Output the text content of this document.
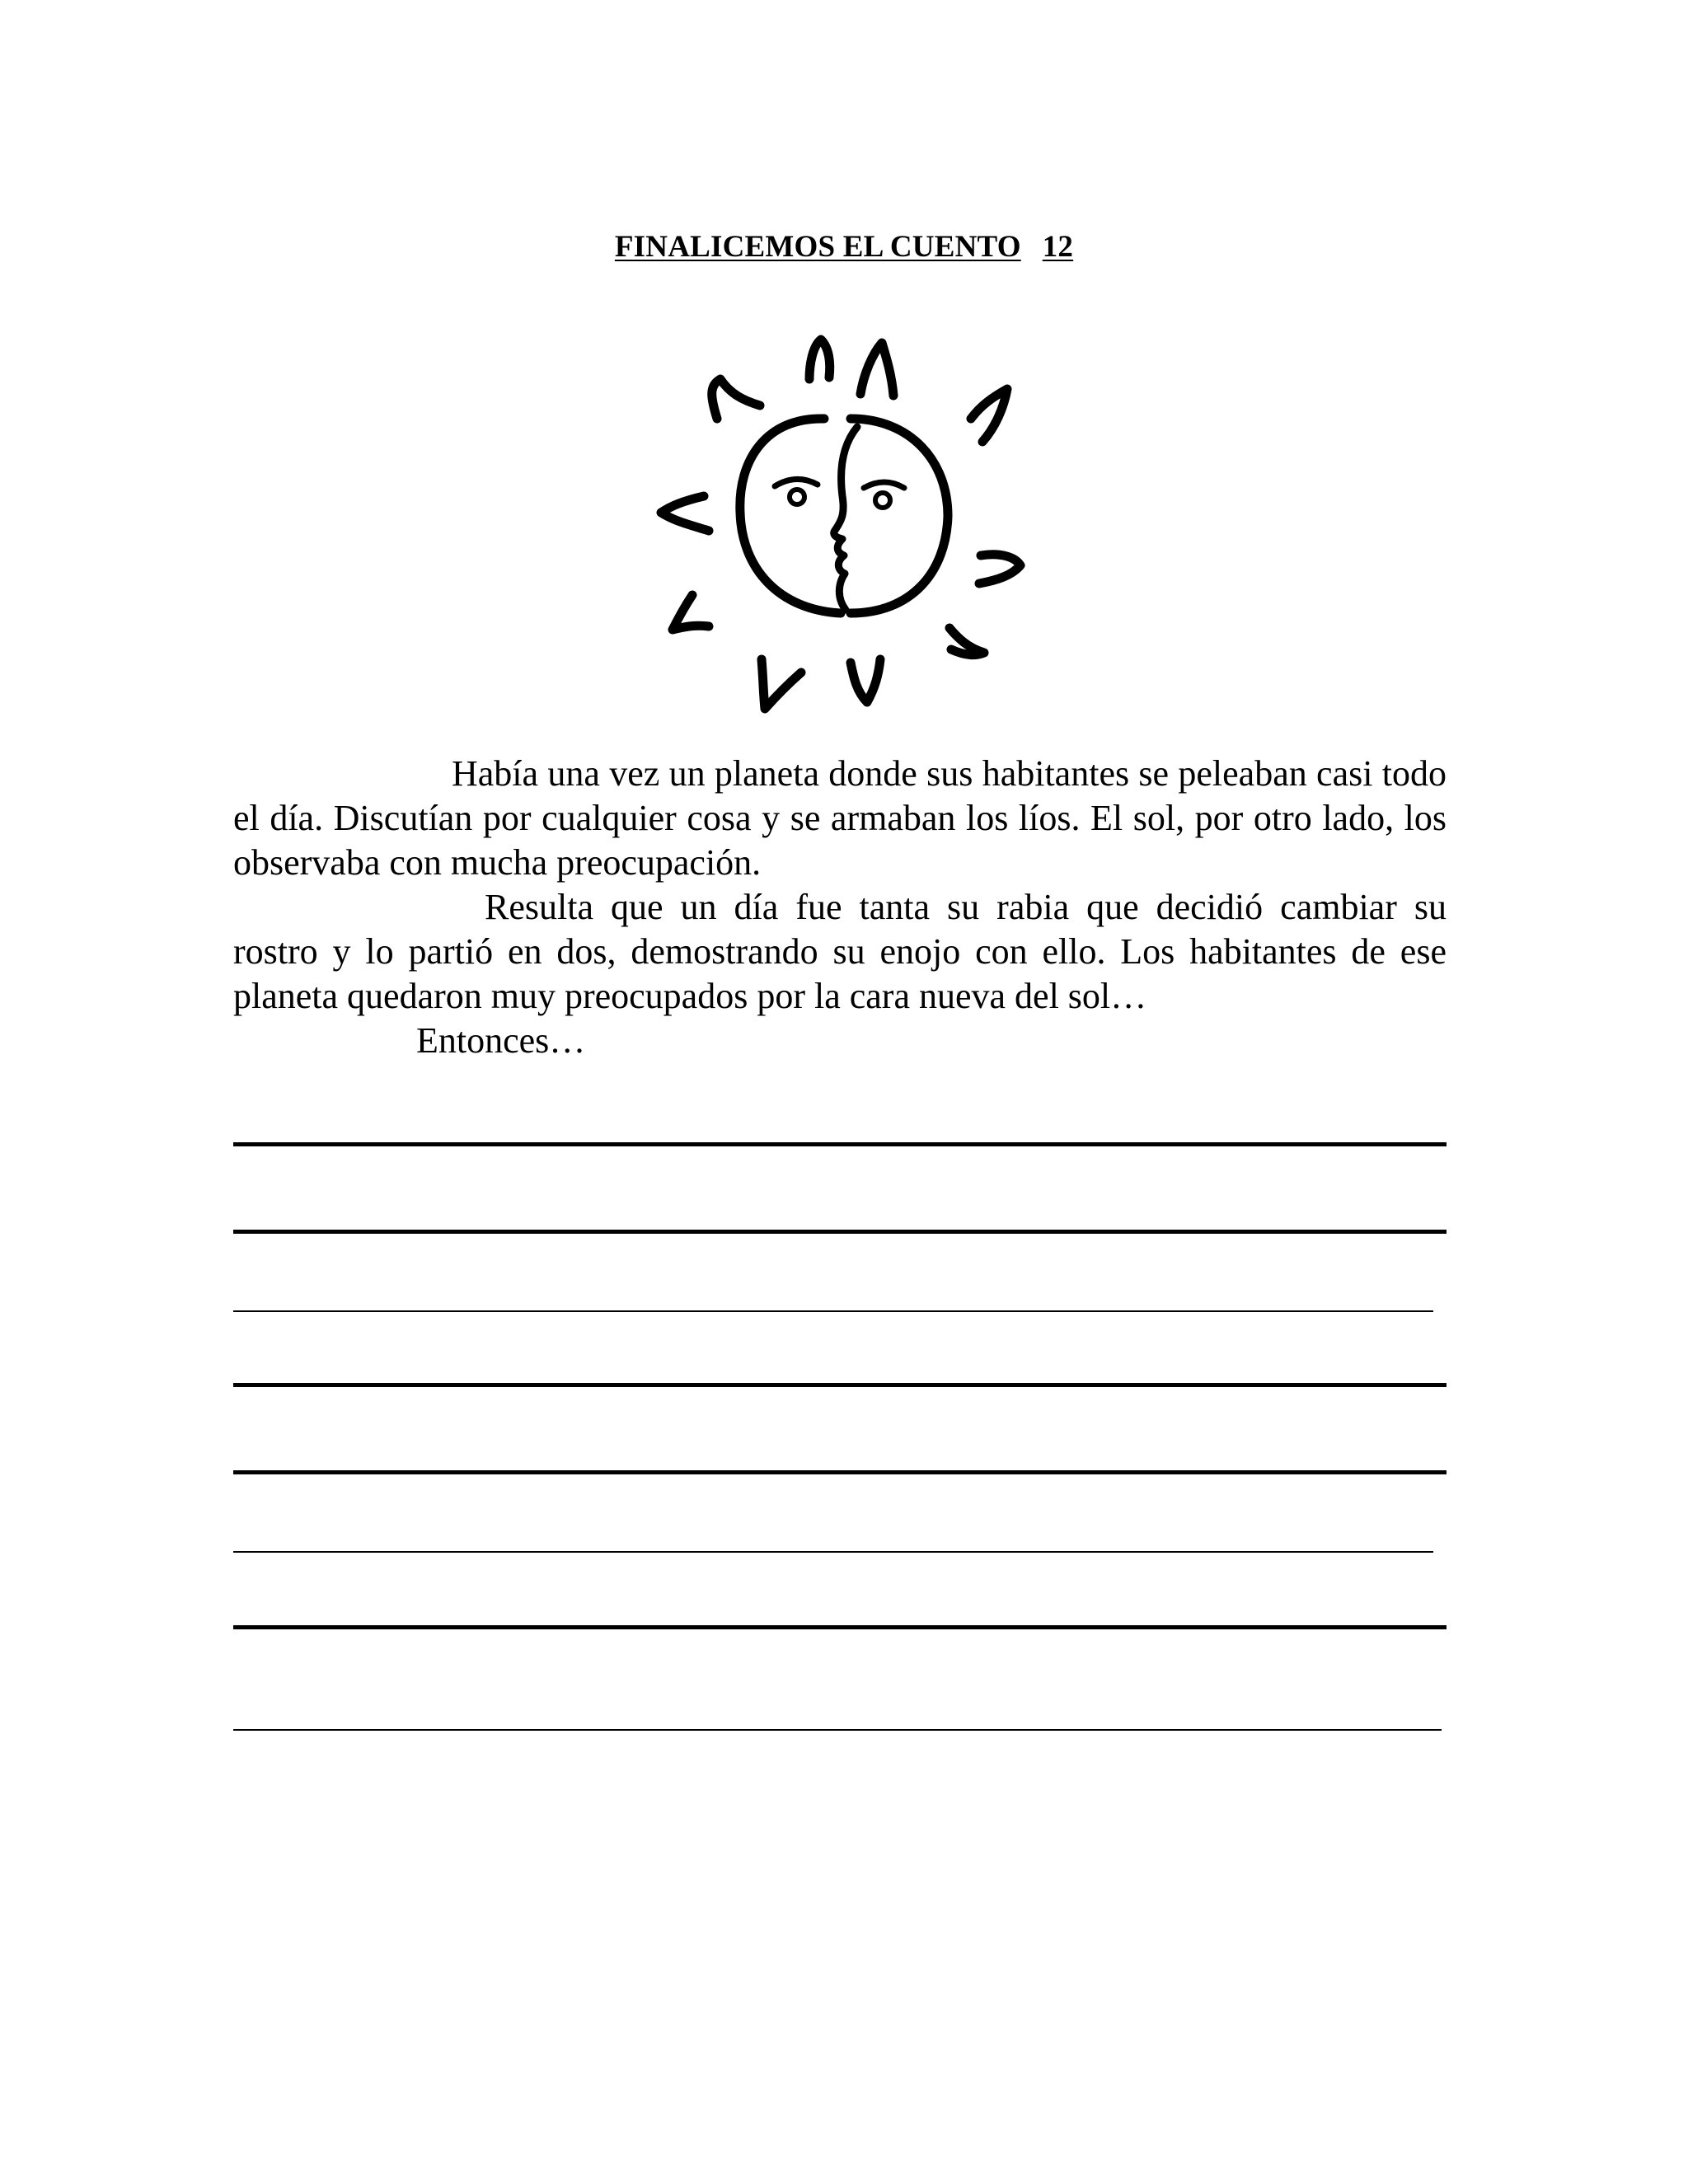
FINALICEMOS EL CUENTO 12

Había una vez un planeta donde sus habitantes se peleaban casi todo el día. Discutían por cualquier cosa y se armaban los líos. El sol, por otro lado, los observaba con mucha preocupación.

Resulta que un día fue tanta su rabia que decidió cambiar su rostro y lo partió en dos, demostrando su enojo con ello. Los habitantes de ese planeta quedaron muy preocupados por la cara nueva del sol…

Entonces…
